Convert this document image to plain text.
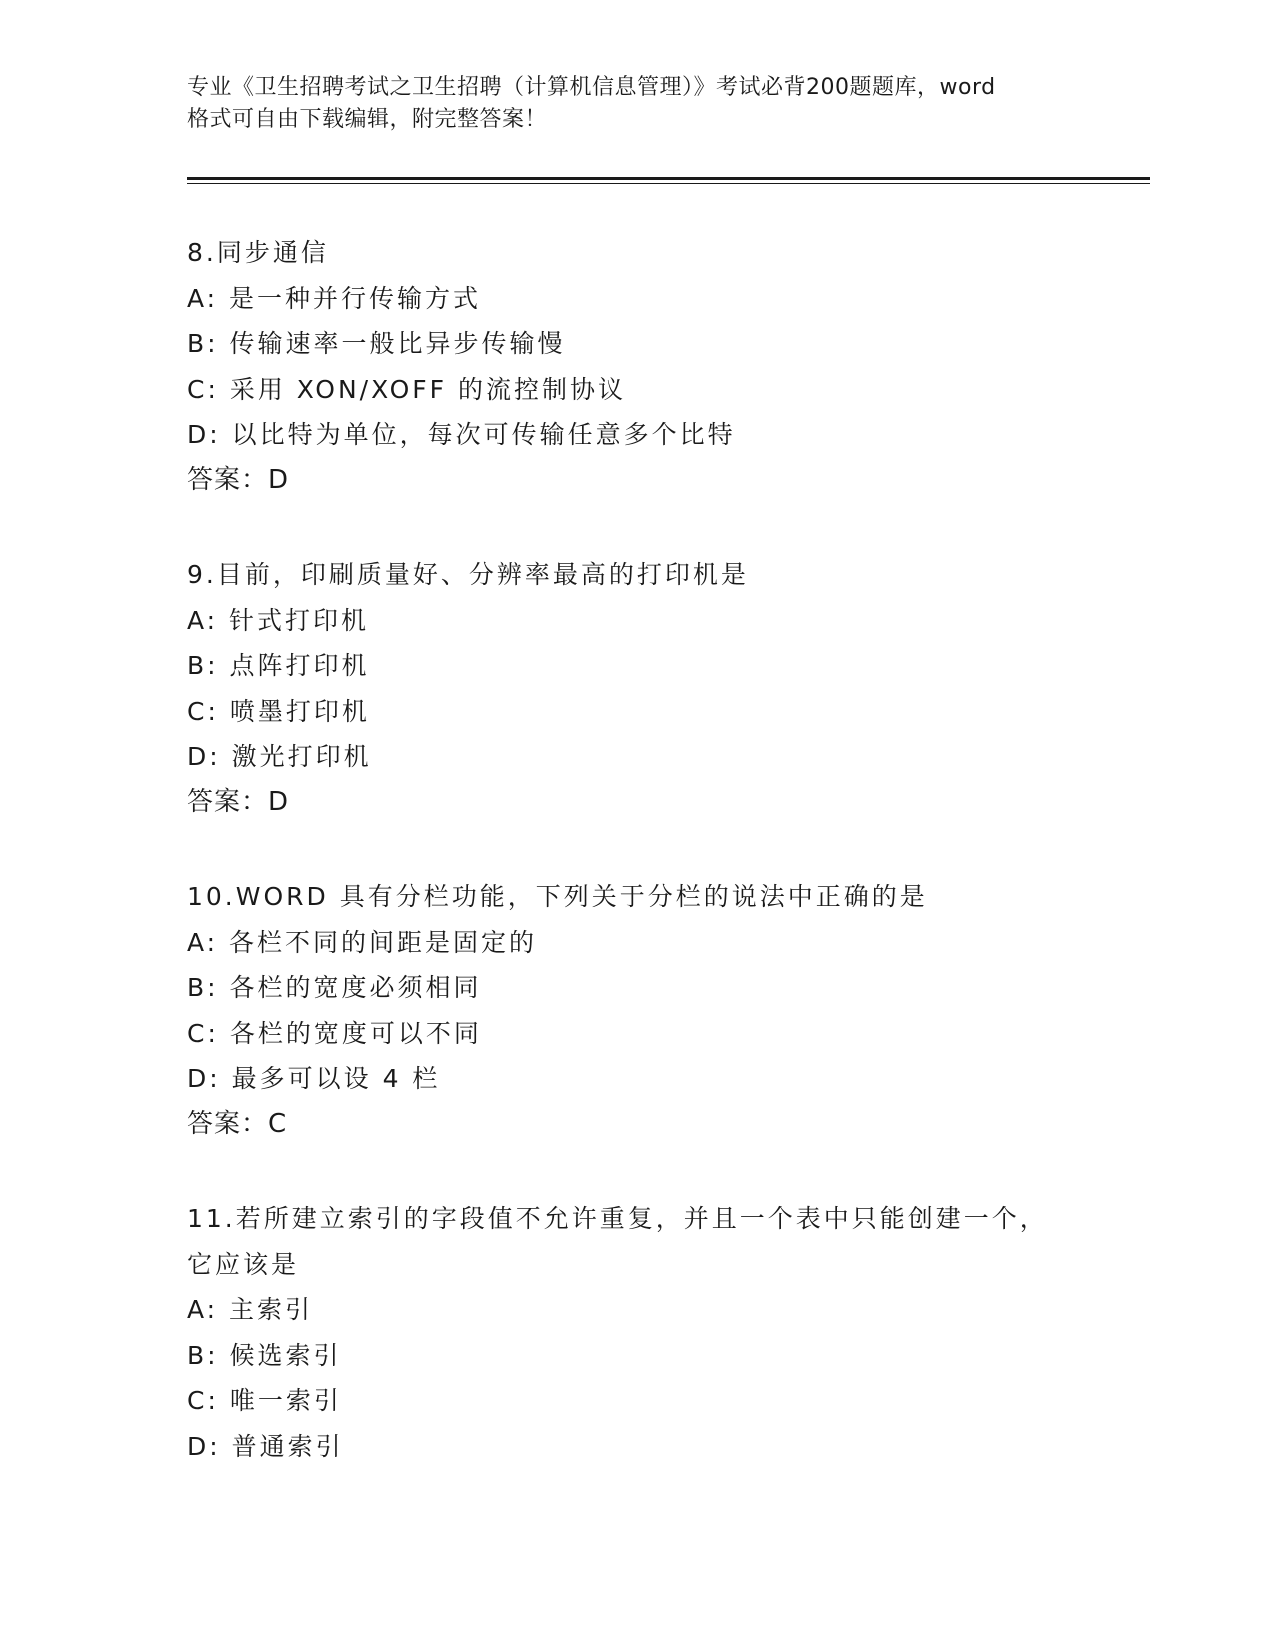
专业《卫生招聘考试之卫生招聘（计算机信息管理）》考试必背200题题库，word
格式可自由下载编辑，附完整答案！
8.同步通信
A: 是一种并行传输方式
B: 传输速率一般比异步传输慢
C: 采用 XON/XOFF 的流控制协议
D: 以比特为单位，每次可传输任意多个比特
答案：D
9.目前，印刷质量好、分辨率最高的打印机是
A: 针式打印机
B: 点阵打印机
C: 喷墨打印机
D: 激光打印机
答案：D
10.WORD 具有分栏功能，下列关于分栏的说法中正确的是
A: 各栏不同的间距是固定的
B: 各栏的宽度必须相同
C: 各栏的宽度可以不同
D: 最多可以设 4 栏
答案：C
11.若所建立索引的字段值不允许重复，并且一个表中只能创建一个，
它应该是
A: 主索引
B: 候选索引
C: 唯一索引
D: 普通索引
